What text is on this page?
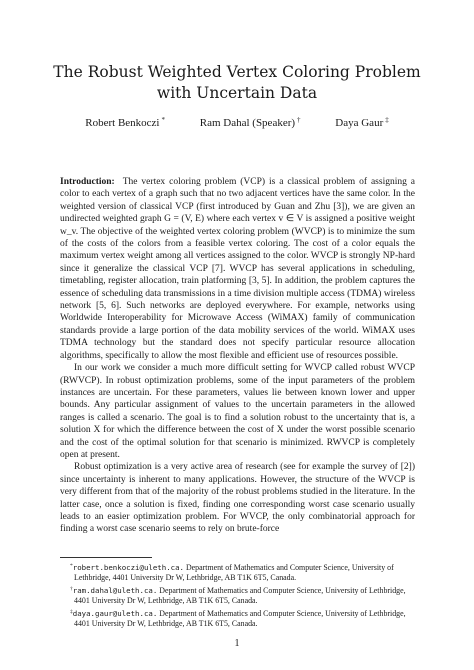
The Robust Weighted Vertex Coloring Problem with Uncertain Data
Robert Benkoczi *	Ram Dahal (Speaker) †	Daya Gaur ‡

Introduction: The vertex coloring problem (VCP) is a classical problem of assigning a color to each vertex of a graph such that no two adjacent vertices have the same color. In the weighted version of classical VCP (first introduced by Guan and Zhu [3]), we are given an undirected weighted graph G = (V, E) where each vertex v ∈ V is assigned a positive weight w_v. The objective of the weighted vertex coloring problem (WVCP) is to minimize the sum of the costs of the colors from a feasible vertex coloring. The cost of a color equals the maximum vertex weight among all vertices assigned to the color. WVCP is strongly NP-hard since it generalize the classical VCP [7]. WVCP has several applications in scheduling, timetabling, register allocation, train platforming [3, 5]. In addition, the problem captures the essence of scheduling data transmissions in a time division multiple access (TDMA) wireless network [5, 6]. Such networks are deployed everywhere. For example, networks using Worldwide Interoperability for Microwave Access (WiMAX) family of communication standards provide a large portion of the data mobility services of the world. WiMAX uses TDMA technology but the standard does not specify particular resource allocation algorithms, specifically to allow the most flexible and efficient use of resources possible.

In our work we consider a much more difficult setting for WVCP called robust WVCP (RWVCP). In robust optimization problems, some of the input parameters of the problem instances are uncertain. For these parameters, values lie between known lower and upper bounds. Any particular assignment of values to the uncertain parameters in the allowed ranges is called a scenario. The goal is to find a solution robust to the uncertainty that is, a solution X for which the difference between the cost of X under the worst possible scenario and the cost of the optimal solution for that scenario is minimized. RWVCP is completely open at present.

Robust optimization is a very active area of research (see for example the survey of [2]) since uncertainty is inherent to many applications. However, the structure of the WVCP is very different from that of the majority of the robust problems studied in the literature. In the latter case, once a solution is fixed, finding one corresponding worst case scenario usually leads to an easier optimization problem. For WVCP, the only combinatorial approach for finding a worst case scenario seems to rely on brute-force

*robert.benkoczi@uleth.ca. Department of Mathematics and Computer Science, University of Lethbridge, 4401 University Dr W, Lethbridge, AB T1K 6T5, Canada.
†ram.dahal@uleth.ca. Department of Mathematics and Computer Science, University of Lethbridge, 4401 University Dr W, Lethbridge, AB T1K 6T5, Canada.
‡daya.gaur@uleth.ca. Department of Mathematics and Computer Science, University of Lethbridge, 4401 University Dr W, Lethbridge, AB T1K 6T5, Canada.
1
